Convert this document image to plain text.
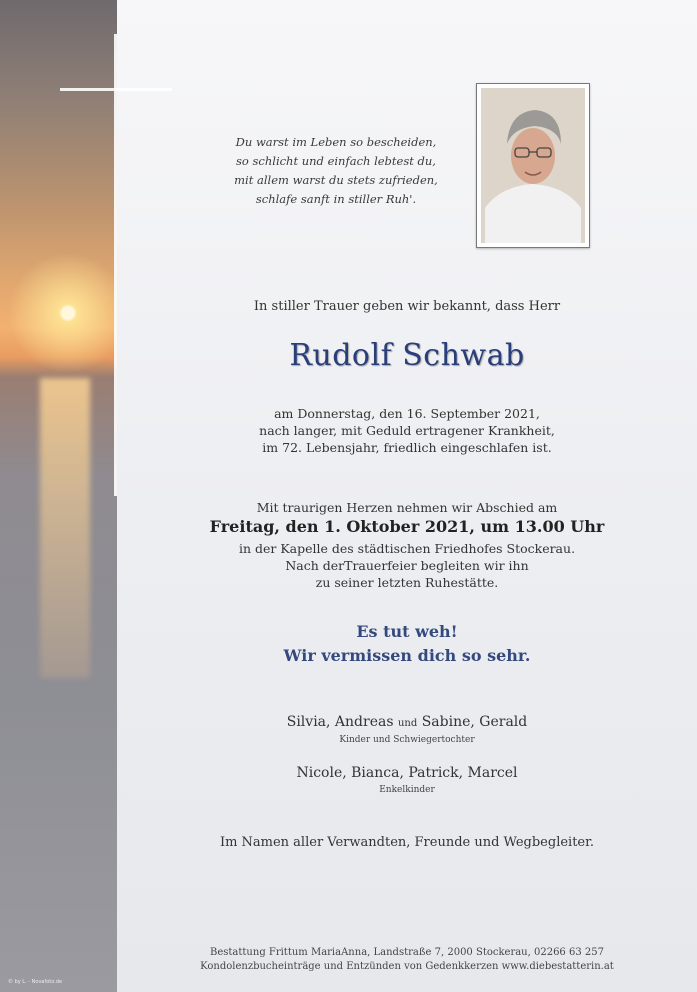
© by L. - Novafoto.de
Du warst im Leben so bescheiden,
so schlicht und einfach lebtest du,
mit allem warst du stets zufrieden,
schlafe sanft in stiller Ruh'.
In stiller Trauer geben wir bekannt, dass Herr
Rudolf Schwab
am Donnerstag, den 16. September 2021,
nach langer, mit Geduld ertragener Krankheit,
im 72. Lebensjahr, friedlich eingeschlafen ist.
Mit traurigen Herzen nehmen wir Abschied am
Freitag, den 1. Oktober 2021, um 13.00 Uhr
in der Kapelle des städtischen Friedhofes Stockerau.
Nach derTrauerfeier begleiten wir ihn
zu seiner letzten Ruhestätte.
Es tut weh!
Wir vermissen dich so sehr.
Silvia, Andreas und Sabine, Gerald
Kinder und Schwiegertochter
Nicole, Bianca, Patrick, Marcel
Enkelkinder
Im Namen aller Verwandten, Freunde und Wegbegleiter.
Bestattung Frittum MariaAnna, Landstraße 7, 2000 Stockerau, 02266 63 257
Kondolenzbucheinträge und Entzünden von Gedenkkerzen www.diebestatterin.at
